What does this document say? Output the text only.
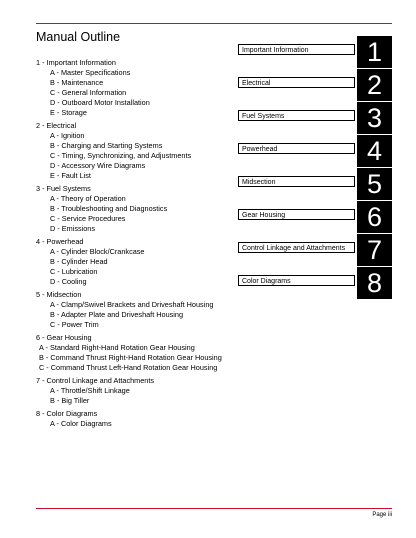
Manual Outline
1 - Important Information
A - Master Specifications
B - Maintenance
C - General Information
D - Outboard Motor Installation
E - Storage
2 - Electrical
A - Ignition
B - Charging and Starting Systems
C - Timing, Synchronizing, and Adjustments
D - Accessory Wire Diagrams
E - Fault List
3 - Fuel Systems
A - Theory of Operation
B - Troubleshooting and Diagnostics
C - Service Procedures
D - Emissions
4 - Powerhead
A - Cylinder Block/Crankcase
B - Cylinder Head
C - Lubrication
D - Cooling
5 - Midsection
A - Clamp/Swivel Brackets and Driveshaft Housing
B - Adapter Plate and Driveshaft Housing
C - Power Trim
6 - Gear Housing
A - Standard Right-Hand Rotation Gear Housing
B - Command Thrust Right-Hand Rotation Gear Housing
C - Command Thrust Left-Hand Rotation Gear Housing
7 - Control Linkage and Attachments
A - Throttle/Shift Linkage
B - Big Tiller
8 - Color Diagrams
A - Color Diagrams
Important Information	1
Electrical	2
Fuel Systems	3
Powerhead	4
Midsection	5
Gear Housing	6
Control Linkage and Attachments 7
Color Diagrams	8
Page iii
